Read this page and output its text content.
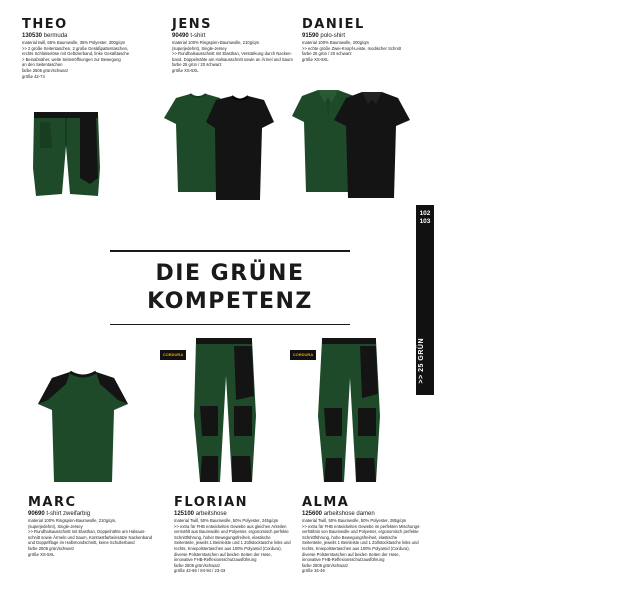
THEO
130530 bermuda
material twill, 65% Baumwolle, 35% Polyester, 300g/qm
>> 2 große Seitentaschen, 2 große Gesäßpattentaschen,
rechts Schlüsselöse mit Gelbzierband, linke Gesäßtasche
> Beinabnäher, weite Seitenöffnungen zur Bewegung
an den Seitentaschen
farbe 2505 grün/schwarz
größe 42-74
JENS
90490 t-shirt
material 100% Ringspinn-Baumwolle, 210g/qm
(superjedehnt), Single-Jersey
>> Rundhalsausschnitt mit Elasthan, Verstärkung durch Nacken-
band, Doppelnähte am Halsausschnitt sowie an Ärmel und Saum
farbe 25 grün / 20 schwarz
größe XS-5XL
DANIEL
91590 polo-shirt
material 100% Baumwolle, 200g/qm
>> echte große Zwei-Knopf-Leiste, modischer Schnitt
farbe 25 grün / 20 schwarz
größe XS-6XL
DIE GRÜNE
KOMPETENZ
102
103
>> 25 GRÜN
CORDURA	CORDURA
MARC
90690 t-shirt zweifarbig
material 100% Ringspinn-Baumwolle, 210g/qm,
(superjedehnt), Single-Jersey
>> Rundhalsausschnitt mit Elasthan, Doppelnähte am Halsaus-
schnitt sowie Ärmeln und Saum, Kontrastfarbeinsätze Nackenband
und Doppelflage im Halbmondschnitt, keine Schulterband
farbe 2505 grün/schwarz
größe XS-5XL
FLORIAN
125100 arbeitshose
material Twill, 50% Baumwolle, 50% Polyester, 245g/qm
>> extra für FHB entwickeltes Gewebe aus gleichen Anteilen
vermählt aus Baumwolle und Polyester, ergonomisch perfekte
Schnittführung, hoher Bewegungsfreiheit, elastische
Seitenteile, jeweils 1 Beinleiste und 1 Zollstocktasche links und
rechts, Kniepolstertaschen aus 100% Polyamid (Cordura),
diverse Polsterntaschen auf beiden Seiten der Hose,
innovative FHB-Reflexionsschutzausführung
farbe 2505 grün/schwarz
größe 42-66 / 84-94 / 23-33
ALMA
125600 arbeitshose damen
material Twill, 50% Baumwolle, 50% Polyester, 285g/qm
>> extra für FHB entwickeltes Gewebe im perfekten Mischungs-
verhältnis von Baumwolle und Polyester, ergonomisch perfekte
Schnittführung, hohe Bewegungsfreiheit, elastische
Seitenteile, jeweils 1 Beinleiste und 1 Zollstocktasche links und
rechts, Kniepolstertaschen aus 100% Polyamid (Cordura),
diverse Polsterntaschen auf beiden Seiten der Hose,
innovative FHB-Reflexionsschutzausführung
farbe 2505 grün/schwarz
größe 34-46
